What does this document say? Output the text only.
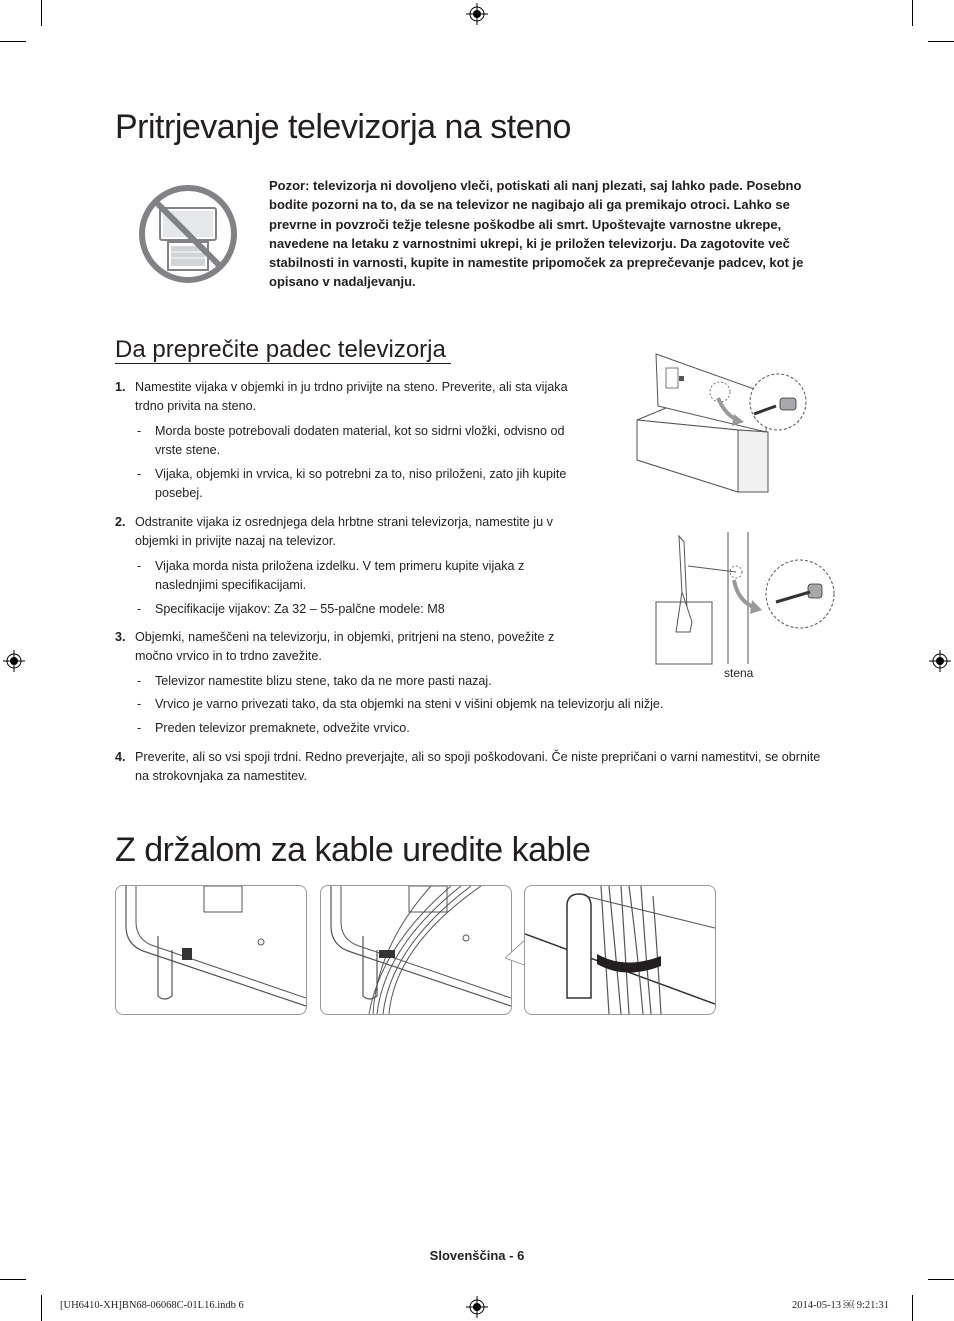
Pritrjevanje televizorja na steno
Pozor: televizorja ni dovoljeno vleči, potiskati ali nanj plezati, saj lahko pade. Posebno bodite pozorni na to, da se na televizor ne nagibajo ali ga premikajo otroci. Lahko se prevrne in povzroči težje telesne poškodbe ali smrt. Upoštevajte varnostne ukrepe, navedene na letaku z varnostnimi ukrepi, ki je priložen televizorju. Da zagotovite več stabilnosti in varnosti, kupite in namestite pripomoček za preprečevanje padcev, kot je opisano v nadaljevanju.
Da preprečite padec televizorja
1. Namestite vijaka v objemki in ju trdno privijte na steno. Preverite, ali sta vijaka trdno privita na steno.
- Morda boste potrebovali dodaten material, kot so sidrni vložki, odvisno od vrste stene.
- Vijaka, objemki in vrvica, ki so potrebni za to, niso priloženi, zato jih kupite posebej.
2. Odstranite vijaka iz osrednjega dela hrbtne strani televizorja, namestite ju v objemki in privijte nazaj na televizor.
- Vijaka morda nista priložena izdelku. V tem primeru kupite vijaka z naslednjimi specifikacijami.
- Specifikacije vijakov: Za 32 – 55-palčne modele: M8
3. Objemki, nameščeni na televizorju, in objemki, pritrjeni na steno, povežite z močno vrvico in to trdno zavežite.
- Televizor namestite blizu stene, tako da ne more pasti nazaj.
- Vrvico je varno privezati tako, da sta objemki na steni v višini objemk na televizorju ali nižje.
- Preden televizor premaknete, odvežite vrvico.
4. Preverite, ali so vsi spoji trdni. Redno preverjajte, ali so spoji poškodovani. Če niste prepričani o varni namestitvi, se obrnite na strokovnjaka za namestitev.
stena
Z držalom za kable uredite kable
Slovenščina - 6
[UH6410-XH]BN68-06068C-01L16.indb 6	2014-05-13 ￼ 9:21:31
